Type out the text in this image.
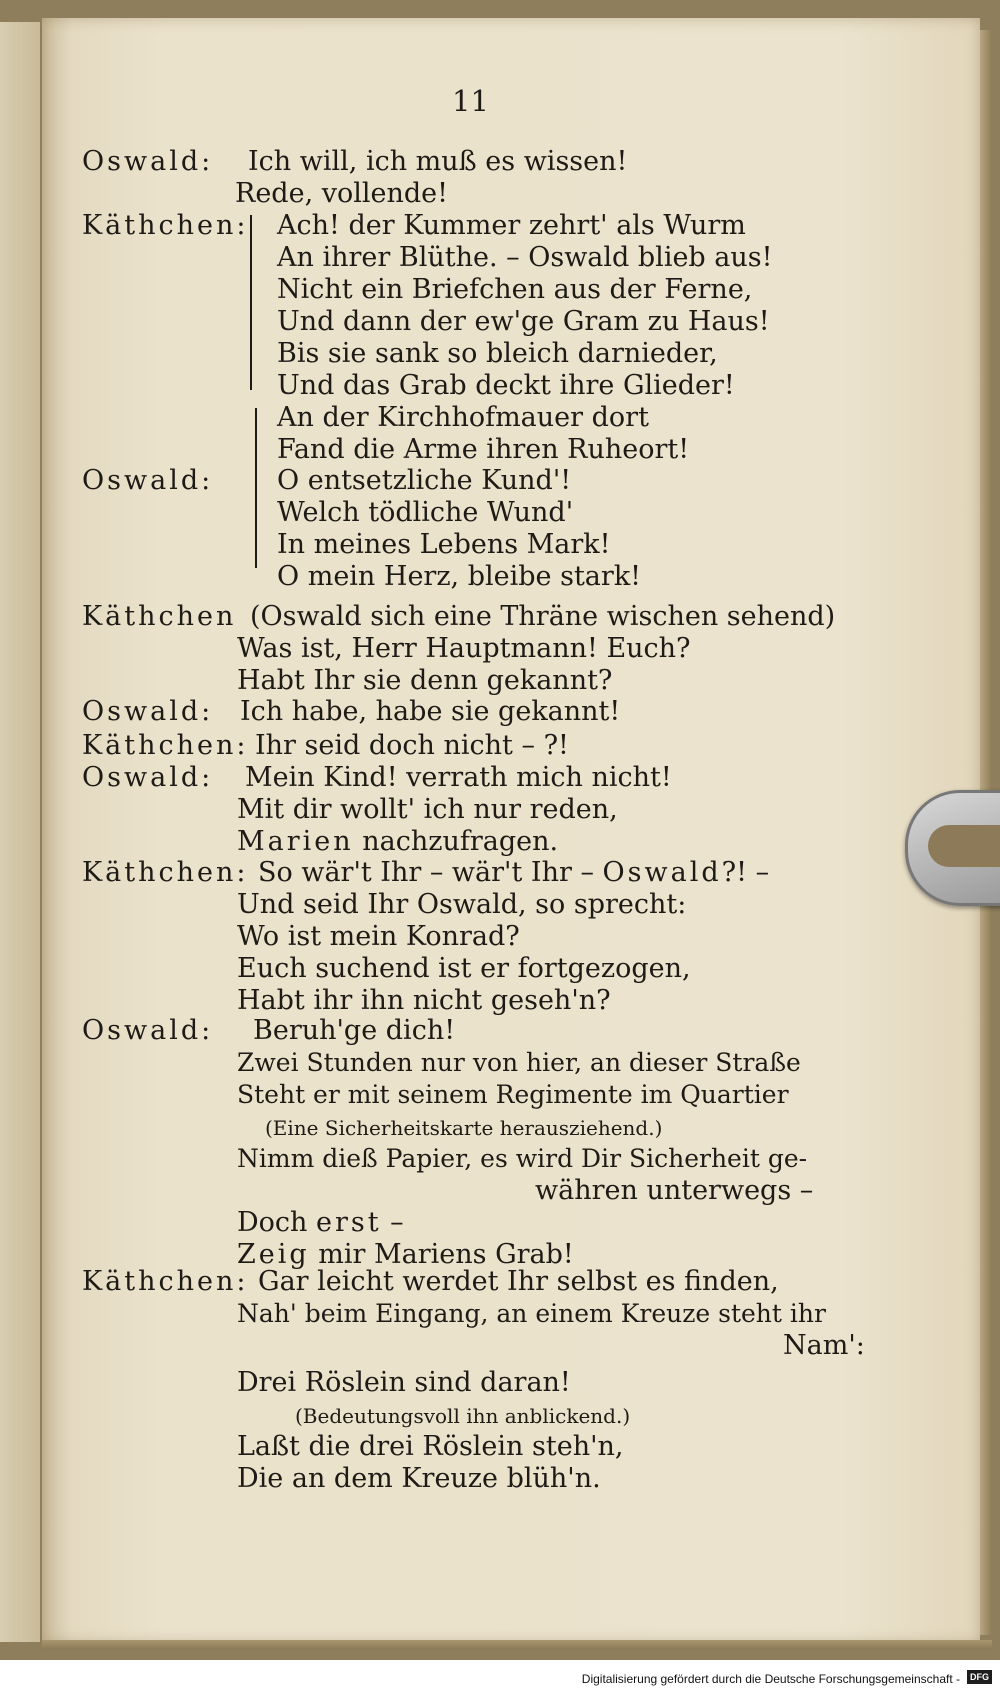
11
Oswald:
Käthchen:
Oswald:
Käthchen
Oswald:
Käthchen:
Oswald:
Käthchen:
Oswald:
Käthchen:
Ich will, ich muß es wissen!
Rede, vollende!
Ach! der Kummer zehrt' als Wurm
An ihrer Blüthe. – Oswald blieb aus!
Nicht ein Briefchen aus der Ferne,
Und dann der ew'ge Gram zu Haus!
Bis sie sank so bleich darnieder,
Und das Grab deckt ihre Glieder!
An der Kirchhofmauer dort
Fand die Arme ihren Ruheort!
O entsetzliche Kund'!
Welch tödliche Wund'
In meines Lebens Mark!
O mein Herz, bleibe stark!
(Oswald sich eine Thräne wischen sehend)
Was ist, Herr Hauptmann! Euch?
Habt Ihr sie denn gekannt?
Ich habe, habe sie gekannt!
Ihr seid doch nicht – ?!
Mein Kind! verrath mich nicht!
Mit dir wollt' ich nur reden,
Marien nachzufragen.
So wär't Ihr – wär't Ihr – Oswald?! –
Und seid Ihr Oswald, so sprecht:
Wo ist mein Konrad?
Euch suchend ist er fortgezogen,
Habt ihr ihn nicht geseh'n?
Beruh'ge dich!
Zwei Stunden nur von hier, an dieser Straße
Steht er mit seinem Regimente im Quartier
(Eine Sicherheitskarte herausziehend.)
Nimm dieß Papier, es wird Dir Sicherheit ge-
währen unterwegs –
Doch erst –
Zeig mir Mariens Grab!
Gar leicht werdet Ihr selbst es finden,
Nah' beim Eingang, an einem Kreuze steht ihr
Nam':
Drei Röslein sind daran!
(Bedeutungsvoll ihn anblickend.)
Laßt die drei Röslein steh'n,
Die an dem Kreuze blüh'n.
Digitalisierung gefördert durch die Deutsche Forschungsgemeinschaft -	DFG
